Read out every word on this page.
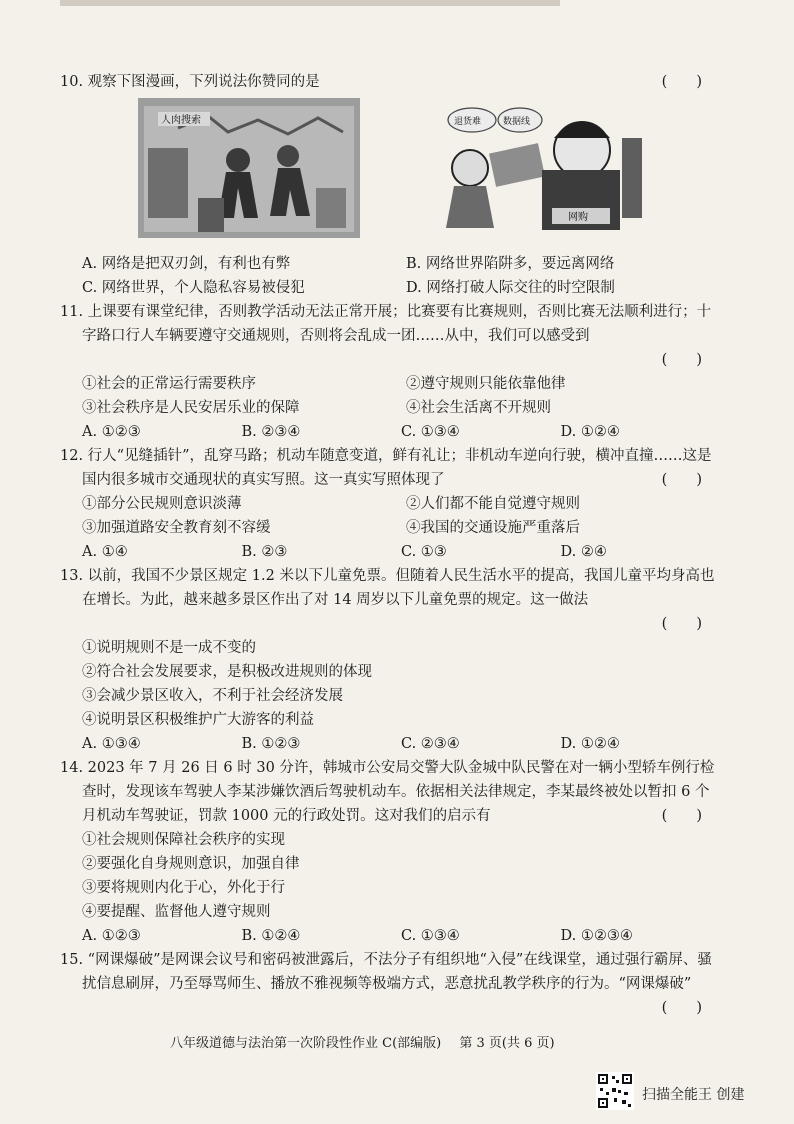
10. 观察下图漫画，下列说法你赞同的是	(　　)
人肉搜索	退货难 数据线
网购
A. 网络是把双刃剑，有利也有弊	B. 网络世界陷阱多，要远离网络
C. 网络世界，个人隐私容易被侵犯	D. 网络打破人际交往的时空限制
11. 上课要有课堂纪律，否则教学活动无法正常开展；比赛要有比赛规则，否则比赛无法顺利进行；十字路口行人车辆要遵守交通规则，否则将会乱成一团……从中，我们可以感受到
(　　)
①社会的正常运行需要秩序	②遵守规则只能依靠他律
③社会秩序是人民安居乐业的保障	④社会生活离不开规则
A. ①②③	B. ②③④	C. ①③④	D. ①②④
12. 行人“见缝插针”，乱穿马路；机动车随意变道，鲜有礼让；非机动车逆向行驶，横冲直撞……这是国内很多城市交通现状的真实写照。这一真实写照体现了	(　　)
①部分公民规则意识淡薄	②人们都不能自觉遵守规则
③加强道路安全教育刻不容缓	④我国的交通设施严重落后
A. ①④	B. ②③	C. ①③	D. ②④
13. 以前，我国不少景区规定 1.2 米以下儿童免票。但随着人民生活水平的提高，我国儿童平均身高也在增长。为此，越来越多景区作出了对 14 周岁以下儿童免票的规定。这一做法
(　　)
①说明规则不是一成不变的
②符合社会发展要求，是积极改进规则的体现
③会减少景区收入，不利于社会经济发展
④说明景区积极维护广大游客的利益
A. ①③④	B. ①②③	C. ②③④	D. ①②④
14. 2023 年 7 月 26 日 6 时 30 分许，韩城市公安局交警大队金城中队民警在对一辆小型轿车例行检查时，发现该车驾驶人李某涉嫌饮酒后驾驶机动车。依据相关法律规定，李某最终被处以暂扣 6 个月机动车驾驶证，罚款 1000 元的行政处罚。这对我们的启示有	(　　)
①社会规则保障社会秩序的实现
②要强化自身规则意识，加强自律
③要将规则内化于心，外化于行
④要提醒、监督他人遵守规则
A. ①②③	B. ①②④	C. ①③④	D. ①②③④
15. “网课爆破”是网课会议号和密码被泄露后，不法分子有组织地“入侵”在线课堂，通过强行霸屏、骚扰信息刷屏，乃至辱骂师生、播放不雅视频等极端方式，恶意扰乱教学秩序的行为。“网课爆破”
(　　)
八年级道德与法治第一次阶段性作业 C(部编版) 第 3 页(共 6 页)
扫描全能王 创建
